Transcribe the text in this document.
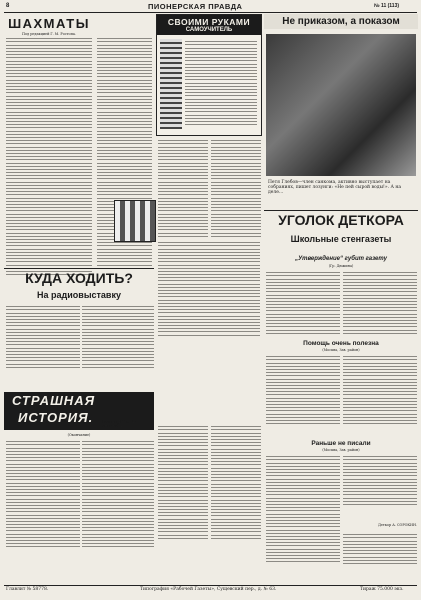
8	ПИОНЕРСКАЯ ПРАВДА	№ 11 (113)
ШАХМАТЫ
Под редакцией Г. М. Ростопа.
СВОИМИ РУКАМИ
САМОУЧИТЕЛЬ
Не приказом, а показом
Петя Глебов—член санкома, активно выступает на собраниях, пишет лозунги: «Не пей сырой воды!». А на деле...
УГОЛОК ДЕТКОРА
Школьные стенгазеты
„Утверждение“ губит газету
(Гр. Дюжина)
Помощь очень полезна
(Москва, Зав. район)
Раньше не писали
(Москва, Зав. район)
Деткор А. СОРОКИН.
КУДА ХОДИТЬ?
На радиовыставку
СТРАШНАЯ
ИСТОРИЯ. РАССКАЗ ДЕТКОРА Ч. ГОНЧАРОВА
(Окончание)
Главлит № 58778.	Типография «Рабочей Газеты», Сущевский пер., д. № 63.	Тираж 75.000 экз.
